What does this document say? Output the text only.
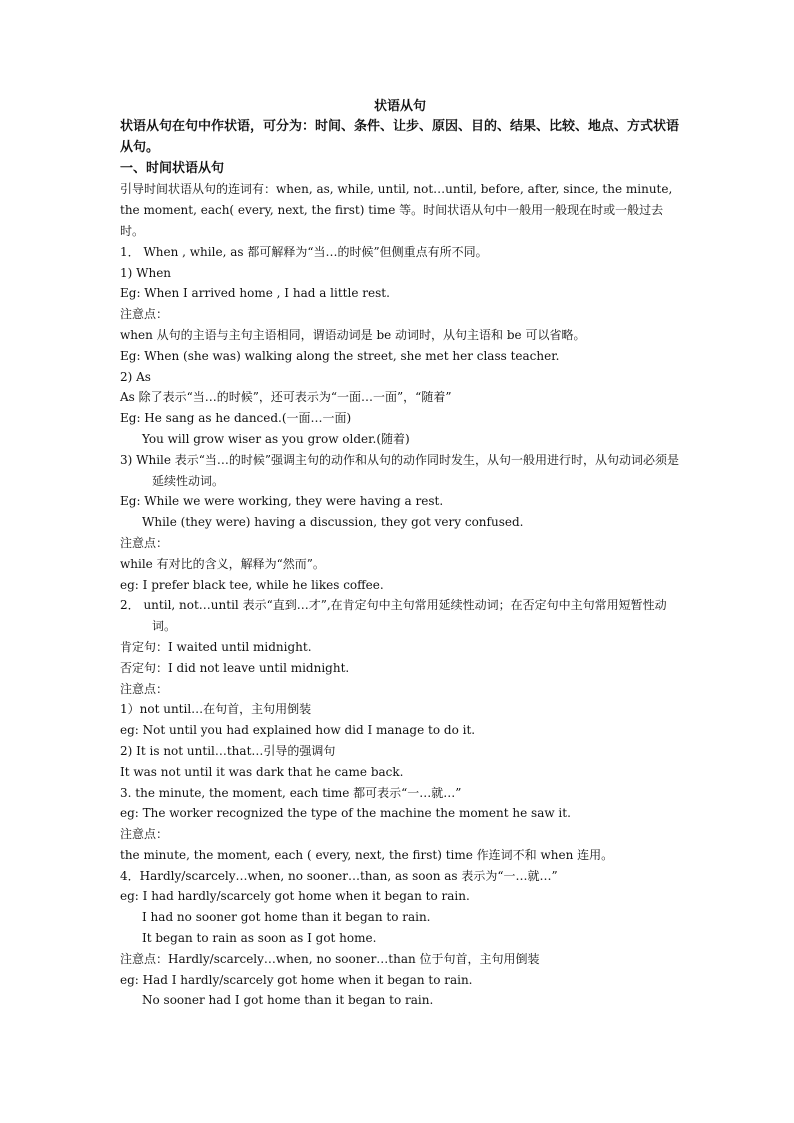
状语从句
状语从句在句中作状语，可分为：时间、条件、让步、原因、目的、结果、比较、地点、方式状语从句。
一、时间状语从句
引导时间状语从句的连词有：when, as, while, until, not…until, before, after, since, the minute, the moment, each( every, next, the first) time 等。时间状语从句中一般用一般现在时或一般过去时。
1． When , while, as 都可解释为“当…的时候”但侧重点有所不同。
1) When
Eg: When I arrived home , I had a little rest.
注意点：
when 从句的主语与主句主语相同，谓语动词是 be 动词时，从句主语和 be 可以省略。
Eg: When (she was) walking along the street, she met her class teacher.
2) As
As 除了表示“当…的时候”，还可表示为“一面…一面”，“随着”
Eg: He sang as he danced.(一面…一面)
You will grow wiser as you grow older.(随着)
3) While 表示“当…的时候”强调主句的动作和从句的动作同时发生，从句一般用进行时，从句动词必须是延续性动词。
Eg: While we were working, they were having a rest.
While (they were) having a discussion, they got very confused.
注意点：
while 有对比的含义，解释为“然而”。
eg: I prefer black tee, while he likes coffee.
2． until, not…until 表示“直到…才”,在肯定句中主句常用延续性动词；在否定句中主句常用短暂性动词。
肯定句：I waited until midnight.
否定句：I did not leave until midnight.
注意点：
1）not until…在句首，主句用倒装
eg: Not until you had explained how did I manage to do it.
2) It is not until…that…引导的强调句
It was not until it was dark that he came back.
3. the minute, the moment, each time 都可表示“一…就…”
eg: The worker recognized the type of the machine the moment he saw it.
注意点：
the minute, the moment, each ( every, next, the first) time 作连词不和 when 连用。
4．Hardly/scarcely…when, no sooner…than, as soon as 表示为“一…就…”
eg: I had hardly/scarcely got home when it began to rain.
I had no sooner got home than it began to rain.
It began to rain as soon as I got home.
注意点：Hardly/scarcely…when, no sooner…than 位于句首，主句用倒装
eg: Had I hardly/scarcely got home when it began to rain.
No sooner had I got home than it began to rain.
